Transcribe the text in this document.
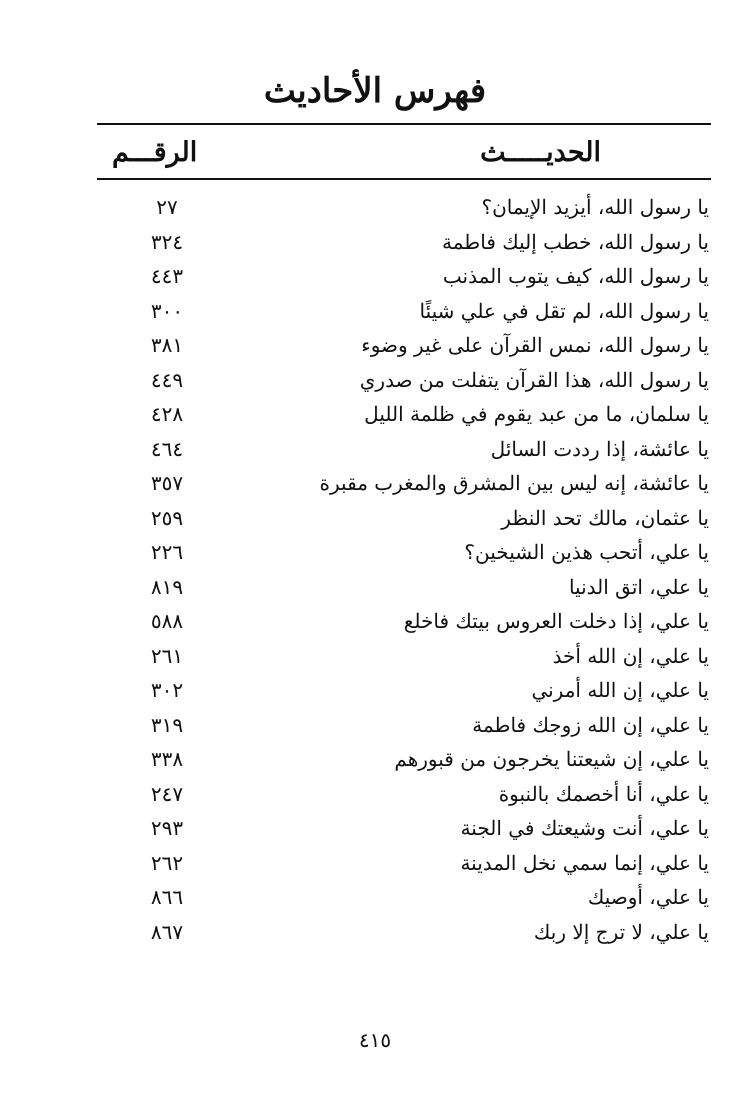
فهرس الأحاديث
الحديـــــث
الرقـــم
يا رسول الله، أيزيد الإيمان؟
٢٧
يا رسول الله، خطب إليك فاطمة
٣٢٤
يا رسول الله، كيف يتوب المذنب
٤٤٣
يا رسول الله، لم تقل في علي شيئًا
٣٠٠
يا رسول الله، نمس القرآن على غير وضوء
٣٨١
يا رسول الله، هذا القرآن يتفلت من صدري
٤٤٩
يا سلمان، ما من عبد يقوم في ظلمة الليل
٤٢٨
يا عائشة، إذا رددت السائل
٤٦٤
يا عائشة، إنه ليس بين المشرق والمغرب مقبرة
٣٥٧
يا عثمان، مالك تحد النظر
٢٥٩
يا علي، أتحب هذين الشيخين؟
٢٢٦
يا علي، اتق الدنيا
٨١٩
يا علي، إذا دخلت العروس بيتك فاخلع
٥٨٨
يا علي، إن الله أخذ
٢٦١
يا علي، إن الله أمرني
٣٠٢
يا علي، إن الله زوجك فاطمة
٣١٩
يا علي، إن شيعتنا يخرجون من قبورهم
٣٣٨
يا علي، أنا أخصمك بالنبوة
٢٤٧
يا علي، أنت وشيعتك في الجنة
٢٩٣
يا علي، إنما سمي نخل المدينة
٢٦٢
يا علي، أوصيك
٨٦٦
يا علي، لا ترج إلا ربك
٨٦٧
٤١٥
